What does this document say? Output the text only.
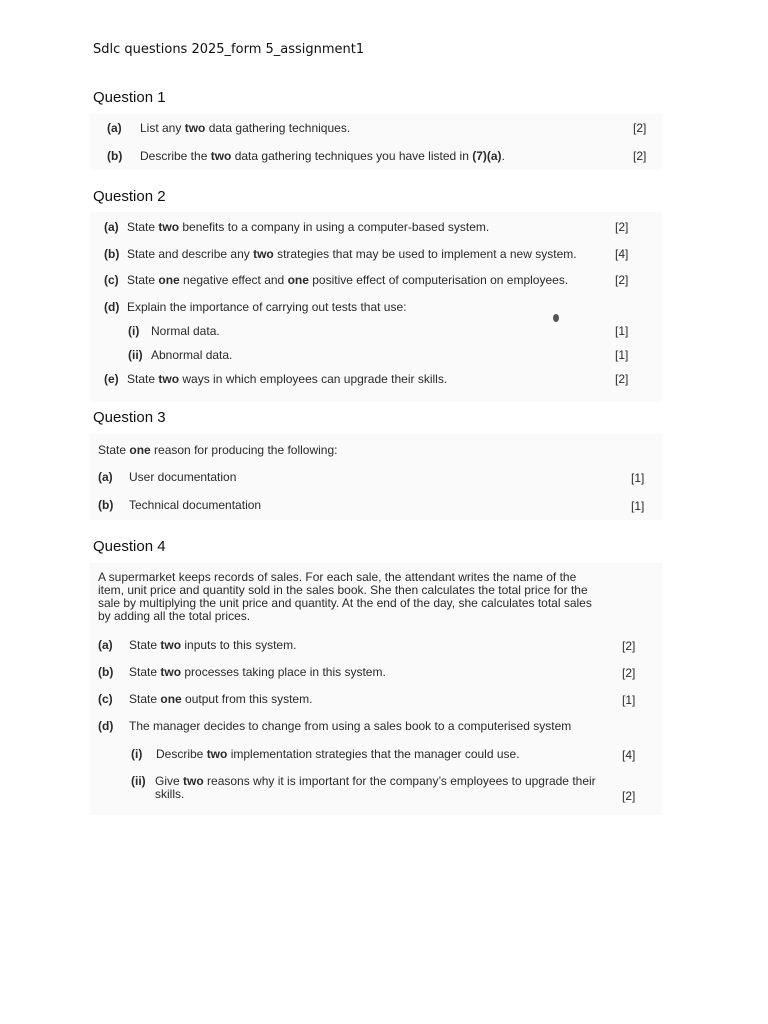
Sdlc questions 2025_form 5_assignment1
Question 1
(a) List any two data gathering techniques.	[2]
(b) Describe the two data gathering techniques you have listed in (7)(a).	[2]
Question 2
(a) State two benefits to a company in using a computer-based system.	[2]
(b) State and describe any two strategies that may be used to implement a new system.	[4]
(c) State one negative effect and one positive effect of computerisation on employees.	[2]
(d) Explain the importance of carrying out tests that use:
(i) Normal data.	[1]
(ii) Abnormal data.	[1]
(e) State two ways in which employees can upgrade their skills.	[2]
Question 3
State one reason for producing the following:
(a) User documentation	[1]
(b) Technical documentation	[1]
Question 4
A supermarket keeps records of sales. For each sale, the attendant writes the name of the
item, unit price and quantity sold in the sales book. She then calculates the total price for the
sale by multiplying the unit price and quantity. At the end of the day, she calculates total sales
by adding all the total prices.
(a) State two inputs to this system.	[2]
(b) State two processes taking place in this system.	[2]
(c) State one output from this system.	[1]
(d) The manager decides to change from using a sales book to a computerised system
(i) Describe two implementation strategies that the manager could use.	[4]
(ii) Give two reasons why it is important for the company’s employees to upgrade their
skills.	[2]
